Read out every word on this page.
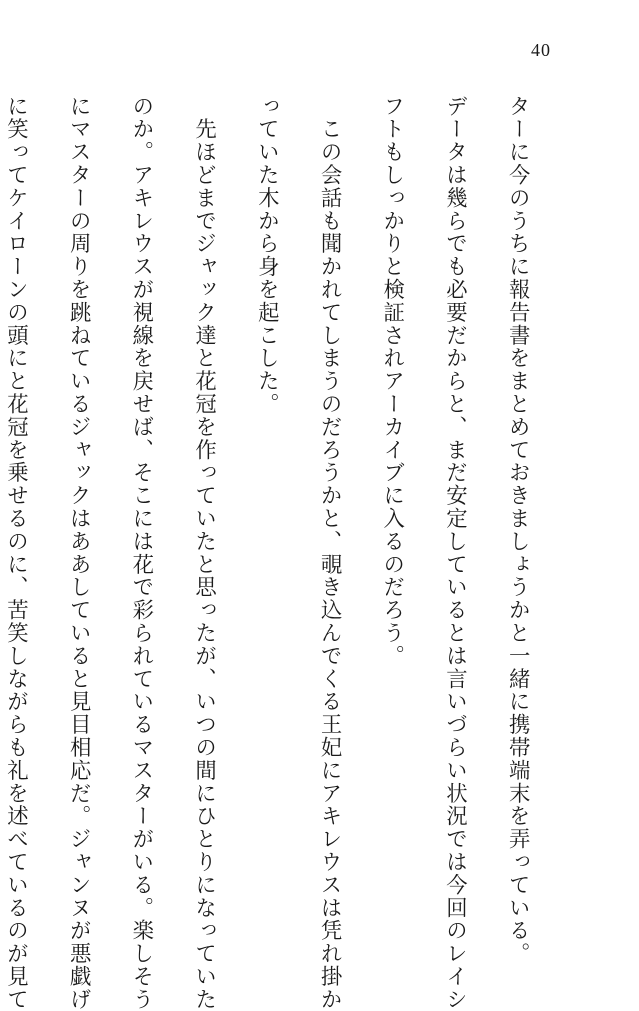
40

ターに今のうちに報告書をまとめておきましょうかと一緒に携帯端末を弄っている。

データは幾らでも必要だからと、まだ安定しているとは言いづらい状況では今回のレイシ

フトもしっかりと検証されアーカイブに入るのだろう。

　この会話も聞かれてしまうのだろうかと、覗き込んでくる王妃にアキレウスは凭れ掛か

っていた木から身を起こした。

　先ほどまでジャック達と花冠を作っていたと思ったが、いつの間にひとりになっていた

のか。アキレウスが視線を戻せば、そこには花で彩られているマスターがいる。楽しそう

にマスターの周りを跳ねているジャックはああしていると見目相応だ。ジャンヌが悪戯げ

に笑ってケイローンの頭にと花冠を乗せるのに、苦笑しながらも礼を述べているのが見て
